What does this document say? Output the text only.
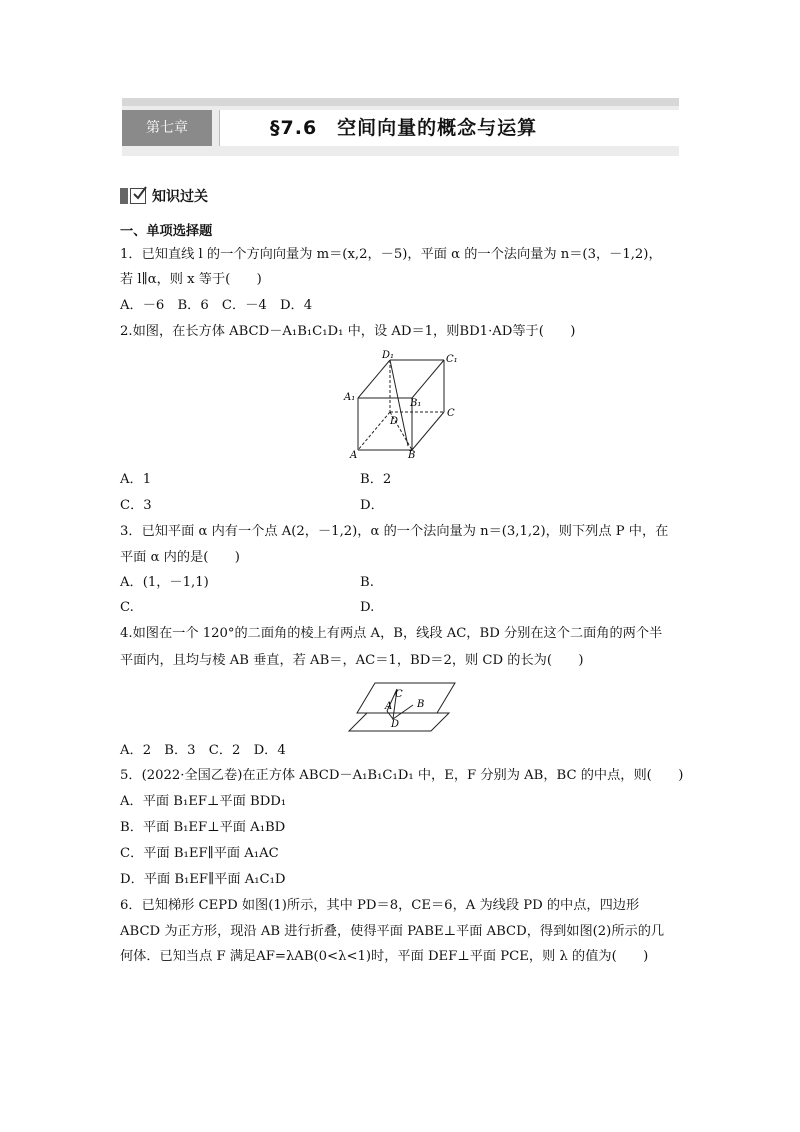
第七章	§7.6　空间向量的概念与运算
知识过关
一、单项选择题
1．已知直线 l 的一个方向向量为 m＝(x,2，－5)，平面 α 的一个法向量为 n＝(3，－1,2)，
若 l∥α，则 x 等于(　　)
A．－6　B．6　C．－4　D．4
2.如图，在长方体 ABCD－A₁B₁C₁D₁ 中，设 AD＝1，则BD1·AD等于(　　)
D₁	C₁
A₁
B₁
C
D
A	B
A．1	B．2
C．3	D．
3．已知平面 α 内有一个点 A(2，－1,2)，α 的一个法向量为 n＝(3,1,2)，则下列点 P 中，在
平面 α 内的是(　　)
A．(1，－1,1)	B.
C.	D.
4.如图在一个 120°的二面角的棱上有两点 A，B，线段 AC，BD 分别在这个二面角的两个半
平面内，且均与棱 AB 垂直，若 AB＝，AC＝1，BD＝2，则 CD 的长为(　　)
C
A B
D
A．2　B．3　C．2　D．4
5．(2022·全国乙卷)在正方体 ABCD－A₁B₁C₁D₁ 中，E，F 分别为 AB，BC 的中点，则(　　)
A．平面 B₁EF⊥平面 BDD₁
B．平面 B₁EF⊥平面 A₁BD
C．平面 B₁EF∥平面 A₁AC
D．平面 B₁EF∥平面 A₁C₁D
6．已知梯形 CEPD 如图(1)所示，其中 PD＝8，CE＝6，A 为线段 PD 的中点，四边形
ABCD 为正方形，现沿 AB 进行折叠，使得平面 PABE⊥平面 ABCD，得到如图(2)所示的几
何体．已知当点 F 满足AF=λAB(0<λ<1)时，平面 DEF⊥平面 PCE，则 λ 的值为(　　)
